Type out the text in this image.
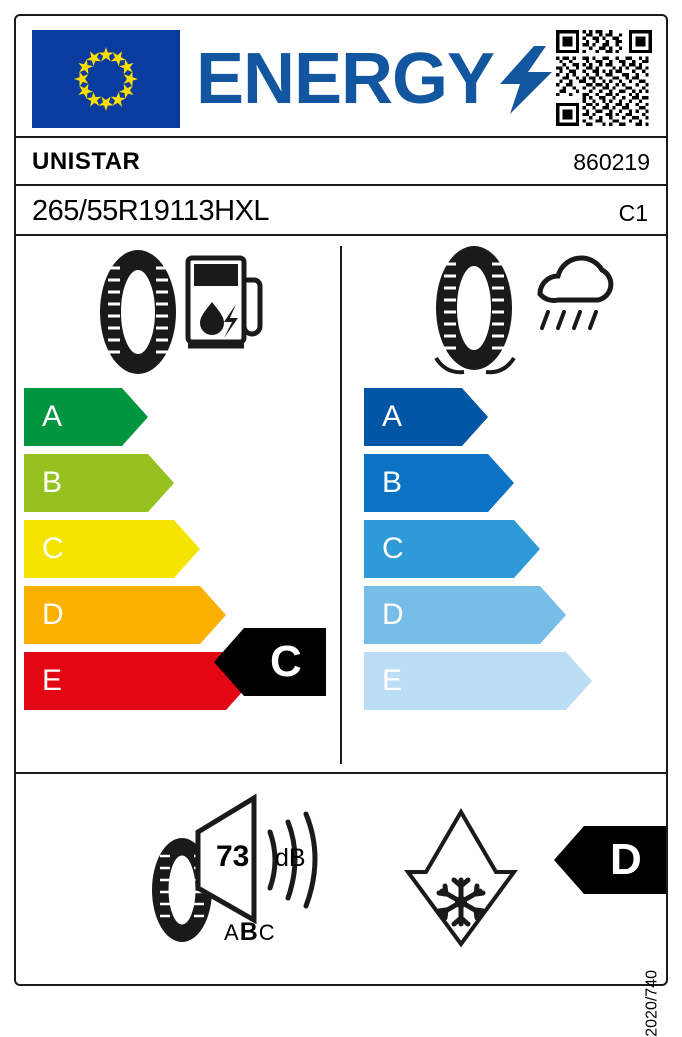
ENERGY
UNISTAR	860219
265/55R19113HXL	C1
A
B
C
D
E	C
A
B
C
D
E
D
73 dB
ABC
2020/740
